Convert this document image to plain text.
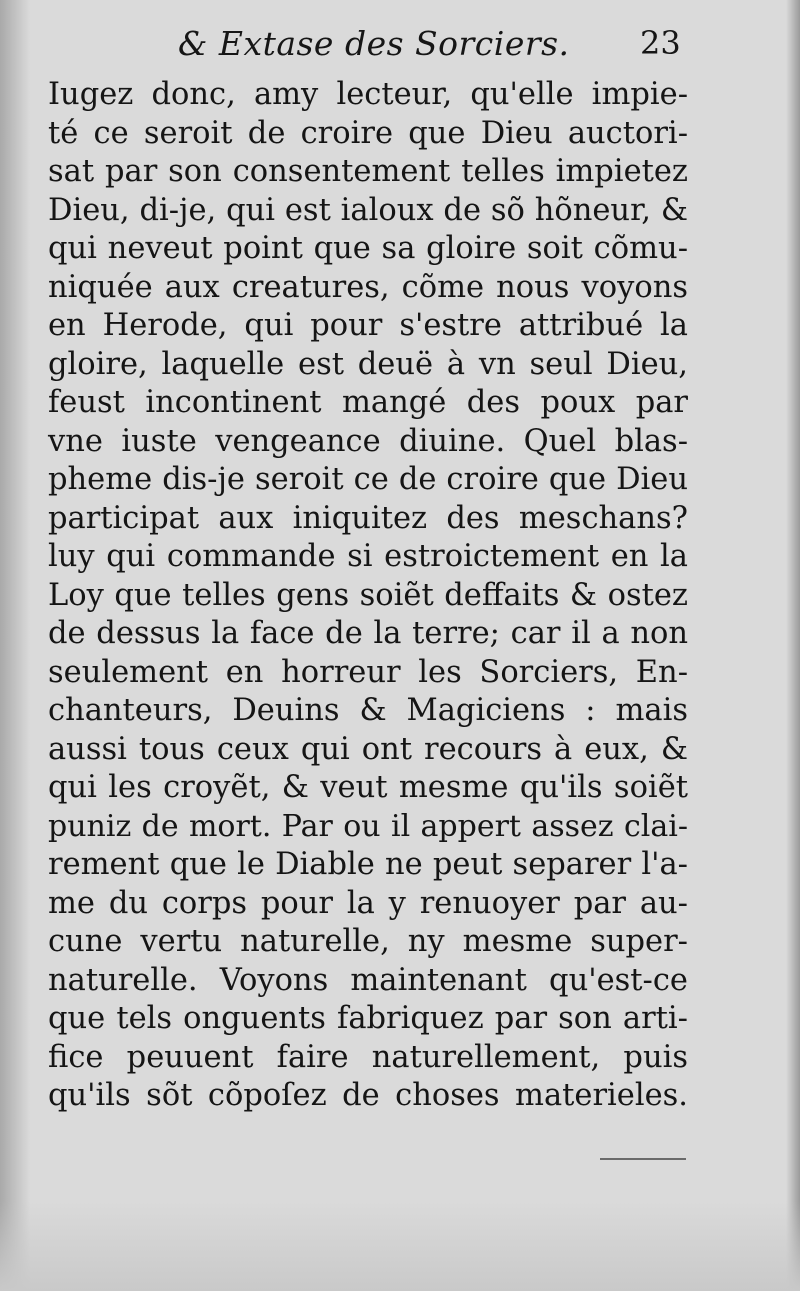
& Extase des Sorciers. 23
Iugez donc, amy lecteur, qu'elle impie-
té ce seroit de croire que Dieu auctori-
sat par son consentement telles impietez
Dieu, di-je, qui est ialoux de sõ hõneur, &
qui neveut point que sa gloire soit cõmu-
niquée aux creatures, cõme nous voyons
en Herode, qui pour s'estre attribué la
gloire, laquelle est deuë à vn seul Dieu,
feust incontinent mangé des poux par
vne iuste vengeance diuine. Quel blas-
pheme dis-je seroit ce de croire que Dieu
participat aux iniquitez des meschans?
luy qui commande si estroictement en la
Loy que telles gens soiẽt deffaits & ostez
de dessus la face de la terre; car il a non
seulement en horreur les Sorciers, En-
chanteurs, Deuins & Magiciens : mais
aussi tous ceux qui ont recours à eux, &
qui les croyẽt, & veut mesme qu'ils soiẽt
puniz de mort. Par ou il appert assez clai-
rement que le Diable ne peut separer l'a-
me du corps pour la y renuoyer par au-
cune vertu naturelle, ny mesme super-
naturelle. Voyons maintenant qu'est-ce
que tels onguents fabriquez par son arti-
fice peuuent faire naturellement, puis
qu'ils sõt cõpoſez de choses materieles.
